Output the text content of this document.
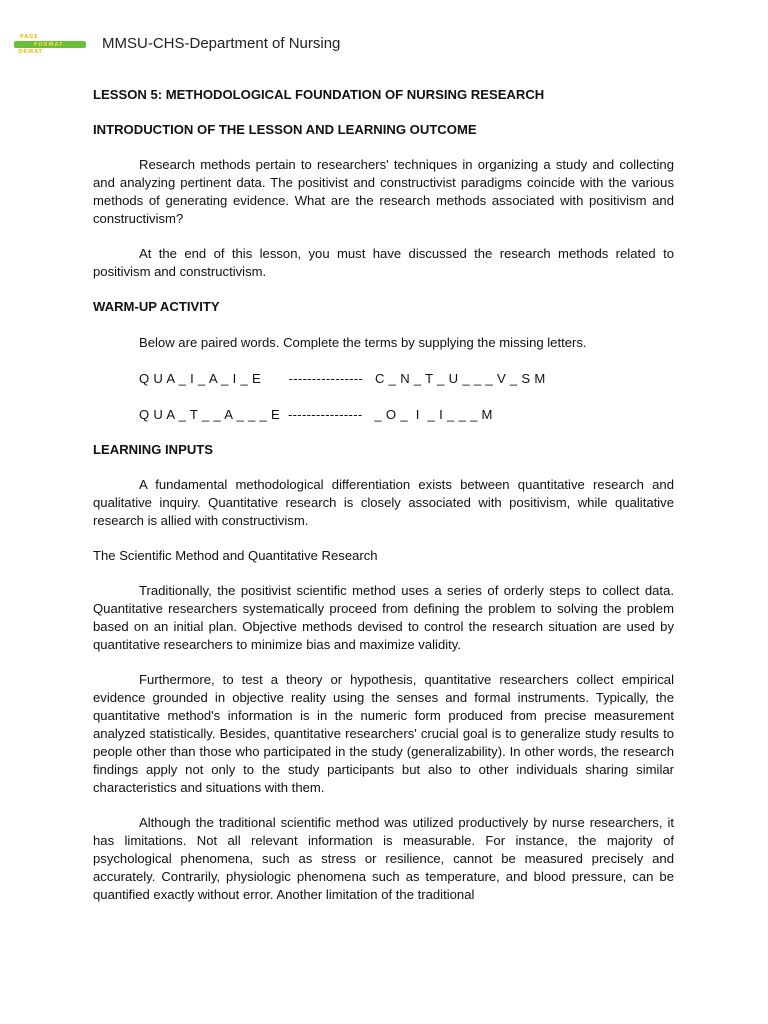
PAGE
FORMAT
ORMAT
MMSU-CHS-Department of Nursing

LESSON 5: METHODOLOGICAL FOUNDATION OF NURSING RESEARCH

INTRODUCTION OF THE LESSON AND LEARNING OUTCOME

Research methods pertain to researchers' techniques in organizing a study and collecting and analyzing pertinent data. The positivist and constructivist paradigms coincide with the various methods of generating evidence. What are the research methods associated with positivism and constructivism?

At the end of this lesson, you must have discussed the research methods related to positivism and constructivism.

WARM-UP ACTIVITY

Below are paired words. Complete the terms by supplying the missing letters.

Q U A _ I _ A _ I _ E       ----------------   C _ N _ T _ U _ _ _ V _ S M

Q U A _ T _ _ A _ _ _ E  ----------------   _ O _  I  _ I _ _ _ M

LEARNING INPUTS

A fundamental methodological differentiation exists between quantitative research and qualitative inquiry. Quantitative research is closely associated with positivism, while qualitative research is allied with constructivism.

The Scientific Method and Quantitative Research

Traditionally, the positivist scientific method uses a series of orderly steps to collect data. Quantitative researchers systematically proceed from defining the problem to solving the problem based on an initial plan. Objective methods devised to control the research situation are used by quantitative researchers to minimize bias and maximize validity.

Furthermore, to test a theory or hypothesis, quantitative researchers collect empirical evidence grounded in objective reality using the senses and formal instruments. Typically, the quantitative method's information is in the numeric form produced from precise measurement analyzed statistically. Besides, quantitative researchers' crucial goal is to generalize study results to people other than those who participated in the study (generalizability). In other words, the research findings apply not only to the study participants but also to other individuals sharing similar characteristics and situations with them.

Although the traditional scientific method was utilized productively by nurse researchers, it has limitations. Not all relevant information is measurable. For instance, the majority of psychological phenomena, such as stress or resilience, cannot be measured precisely and accurately. Contrarily, physiologic phenomena such as temperature, and blood pressure, can be quantified exactly without error. Another limitation of the traditional
